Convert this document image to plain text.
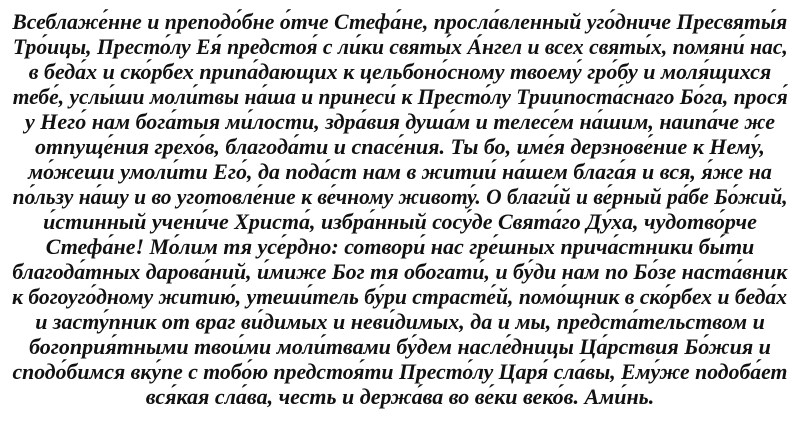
Всеблаже́нне и преподо́бне о́тче Стефа́не, просла́вленный уго́дниче Пресвяты́я
Тро́ицы, Престо́лу Ея́ предстоя́ с ли́ки святы́х А́нгел и всех святы́х, помяни́ нас,
в беда́х и ско́рбех припа́дающих к цельбоно́сному твоему́ гро́бу и моля́щихся
тебе́, услы́ши моли́твы на́ша и принеси́ к Престо́лу Триипоста́снаго Бо́га, прося́
у Него́ нам бога́тыя ми́лости, здра́вия душа́м и телесе́м на́шим, наипа́че же
отпуще́ния грехо́в, благода́ти и спасе́ния. Ты бо, име́я дерзнове́ние к Нему́,
мо́жеши умоли́ти Его́, да пода́ст нам в житии́ на́шем блага́я и вся, я́же на
по́льзу на́шу и во уготовле́ние к ве́чному животу́. О благи́й и ве́рный ра́бе Бо́жий,
и́стинный учени́че Христа́, избра́нный сосу́де Свята́го Ду́ха, чудотво́рче
Стефа́не! Мо́лим тя усе́рдно: сотвори́ нас гре́шных прича́стники бы́ти
благода́тных дарова́ний, и́миже Бог тя обогати́, и бу́ди нам по Бо́зе наста́вник
к богоуго́дному житию́, утеши́тель бу́ри страсте́й, помо́щник в ско́рбех и беда́х
и засту́пник от враг ви́димых и неви́димых, да и мы, предста́тельством и
богоприя́тными твои́ми моли́твами бу́дем насле́дницы Ца́рствия Бо́жия и
сподо́бимся вку́пе с тобо́ю предстоя́ти Престо́лу Царя́ сла́вы, Ему́же подоба́ет
вся́кая сла́ва, честь и держа́ва во ве́ки веко́в. Ами́нь.
